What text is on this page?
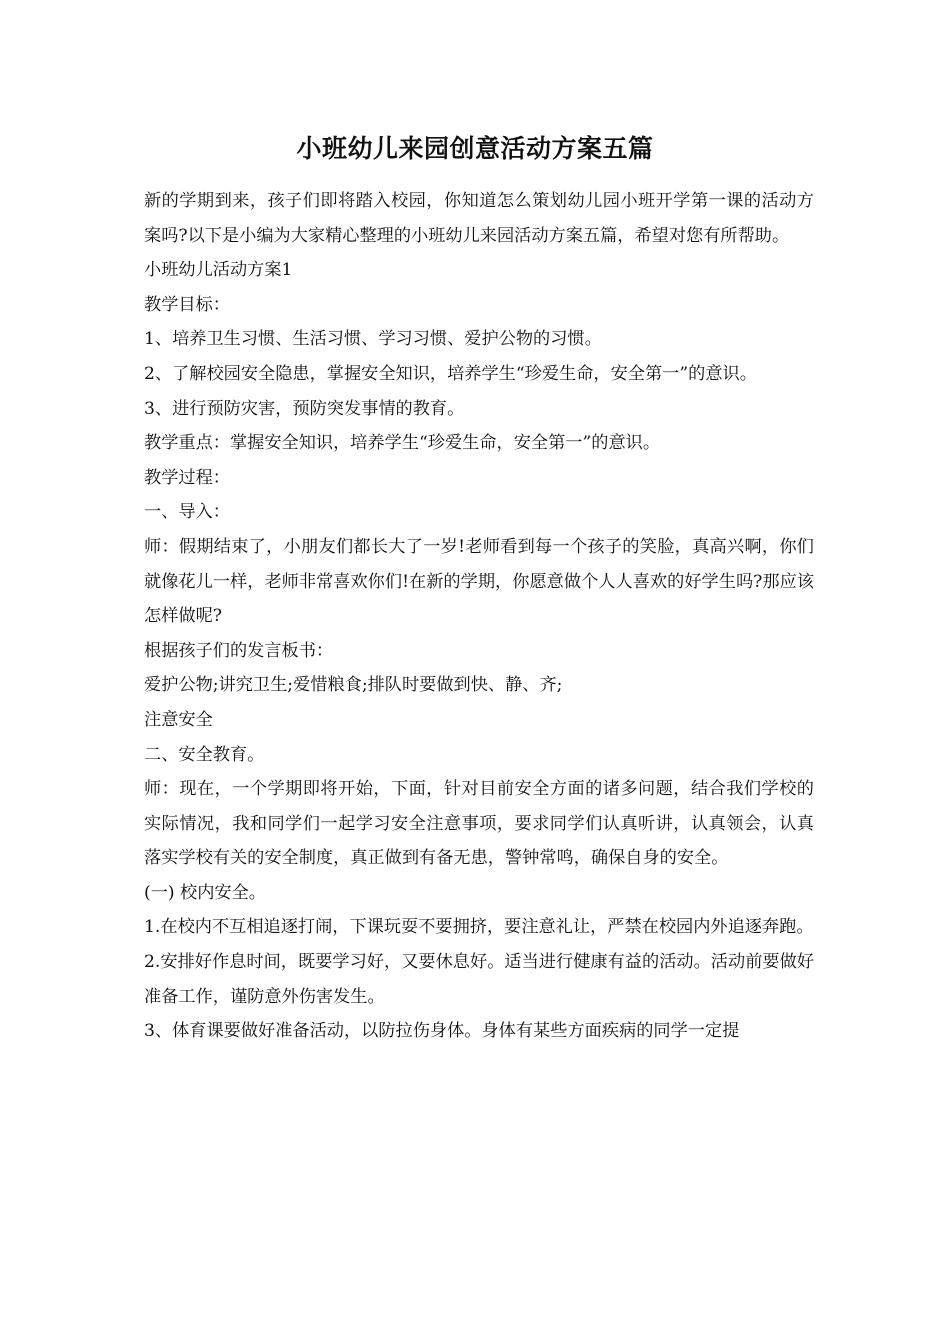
小班幼儿来园创意活动方案五篇

新的学期到来，孩子们即将踏入校园，你知道怎么策划幼儿园小班开学第一课的活动方案吗?以下是小编为大家精心整理的小班幼儿来园活动方案五篇，希望对您有所帮助。

小班幼儿活动方案1

教学目标：

1、培养卫生习惯、生活习惯、学习习惯、爱护公物的习惯。

2、了解校园安全隐患，掌握安全知识，培养学生“珍爱生命，安全第一”的意识。

3、进行预防灾害，预防突发事情的教育。

教学重点：掌握安全知识，培养学生“珍爱生命，安全第一”的意识。

教学过程：

一、导入：

师：假期结束了，小朋友们都长大了一岁!老师看到每一个孩子的笑脸，真高兴啊，你们就像花儿一样，老师非常喜欢你们!在新的学期，你愿意做个人人喜欢的好学生吗?那应该怎样做呢?

根据孩子们的发言板书：

爱护公物;讲究卫生;爱惜粮食;排队时要做到快、静、齐;

注意安全

二、安全教育。

师：现在，一个学期即将开始，下面，针对目前安全方面的诸多问题，结合我们学校的实际情况，我和同学们一起学习安全注意事项，要求同学们认真听讲，认真领会，认真落实学校有关的安全制度，真正做到有备无患，警钟常鸣，确保自身的安全。

(一) 校内安全。

1.在校内不互相追逐打闹，下课玩耍不要拥挤，要注意礼让，严禁在校园内外追逐奔跑。

2.安排好作息时间，既要学习好，又要休息好。适当进行健康有益的活动。活动前要做好准备工作，谨防意外伤害发生。

3、体育课要做好准备活动，以防拉伤身体。身体有某些方面疾病的同学一定提
